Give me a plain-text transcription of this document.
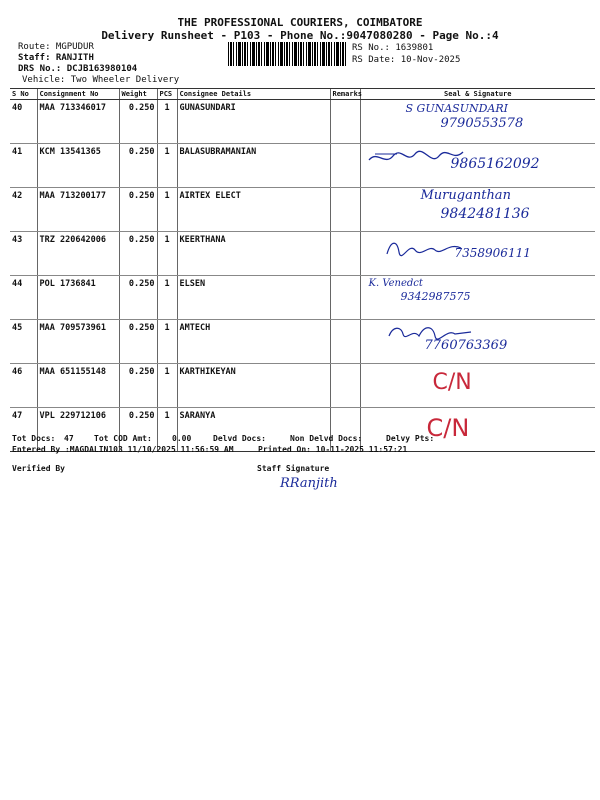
THE PROFESSIONAL COURIERS, COIMBATORE
Delivery Runsheet - P103 - Phone No.:9047080280 - Page No.:4
Route: MGPUDUR
Staff: RANJITH
DRS No.: DCJB163980104
Vehicle: Two Wheeler Delivery
RS No.: 1639801
RS Date: 10-Nov-2025
S No	Consignment No	Weight	PCS	Consignee Details	Remarks	Seal & Signature
40	MAA 713346017	0.250	1	GUNASUNDARI		S GUNASUNDARI
9790553578

41	KCM 13541365	0.250	1	BALASUBRAMANIAN		9865162092

42	MAA 713200177	0.250	1	AIRTEX ELECT		Muruganthan
9842481136

43	TRZ 220642006	0.250	1	KEERTHANA		7358906111

44	POL 1736841	0.250	1	ELSEN		K. Venedct
9342987575

45	MAA 709573961	0.250	1	AMTECH		7760763369

46	MAA 651155148	0.250	1	KARTHIKEYAN		C/N

47	VPL 229712106	0.250	1	SARANYA		C/N
Tot Docs: 47	Tot COD Amt:	0.00	Delvd Docs:	Non Delvd Docs:	Delvy Pts:
Entered By :MAGDALIN103 11/10/2025 11:56:59 AM	Printed On: 10-11-2025 11:57:21
Verified By	Staff Signature
RRanjith
